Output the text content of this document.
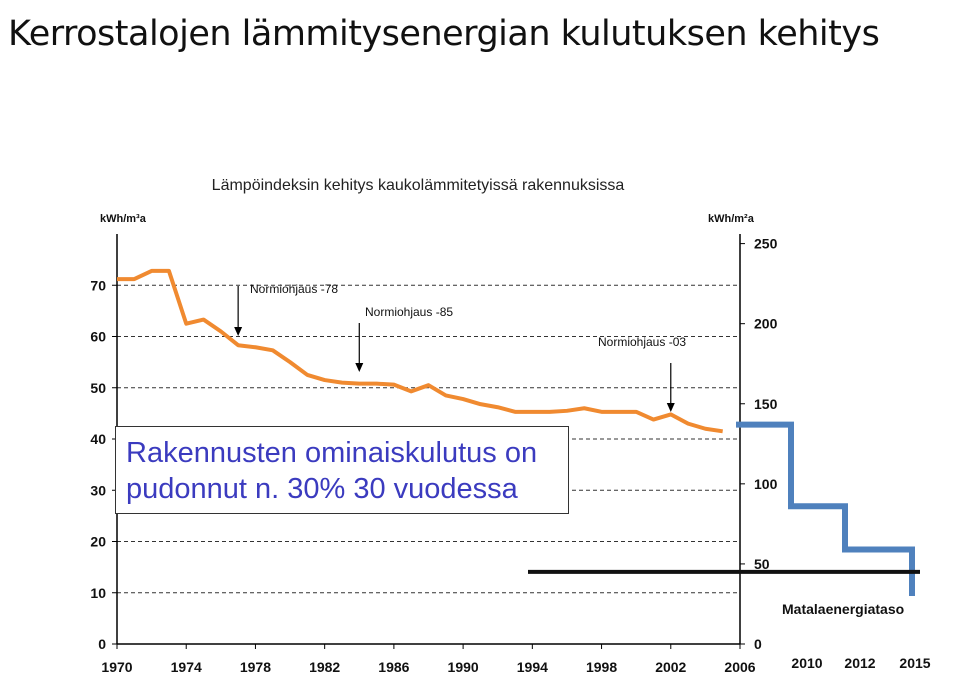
Kerrostalojen lämmitysenergian kulutuksen kehitys
Lämpöindeksin kehitys kaukolämmitetyissä rakennuksissa
kWh/m³a	kWh/m²a
0
10
20
30
40
50
60
70
0
50
100
150
200
250
1970	1974	1978	1982	1986	1990	1994	1998	2002	2006	2010 2012 2015
Normiohjaus -78
Normiohjaus -85
Normiohjaus -03
Matalaenergiataso
Rakennusten ominaiskulutus on
pudonnut n. 30% 30 vuodessa
